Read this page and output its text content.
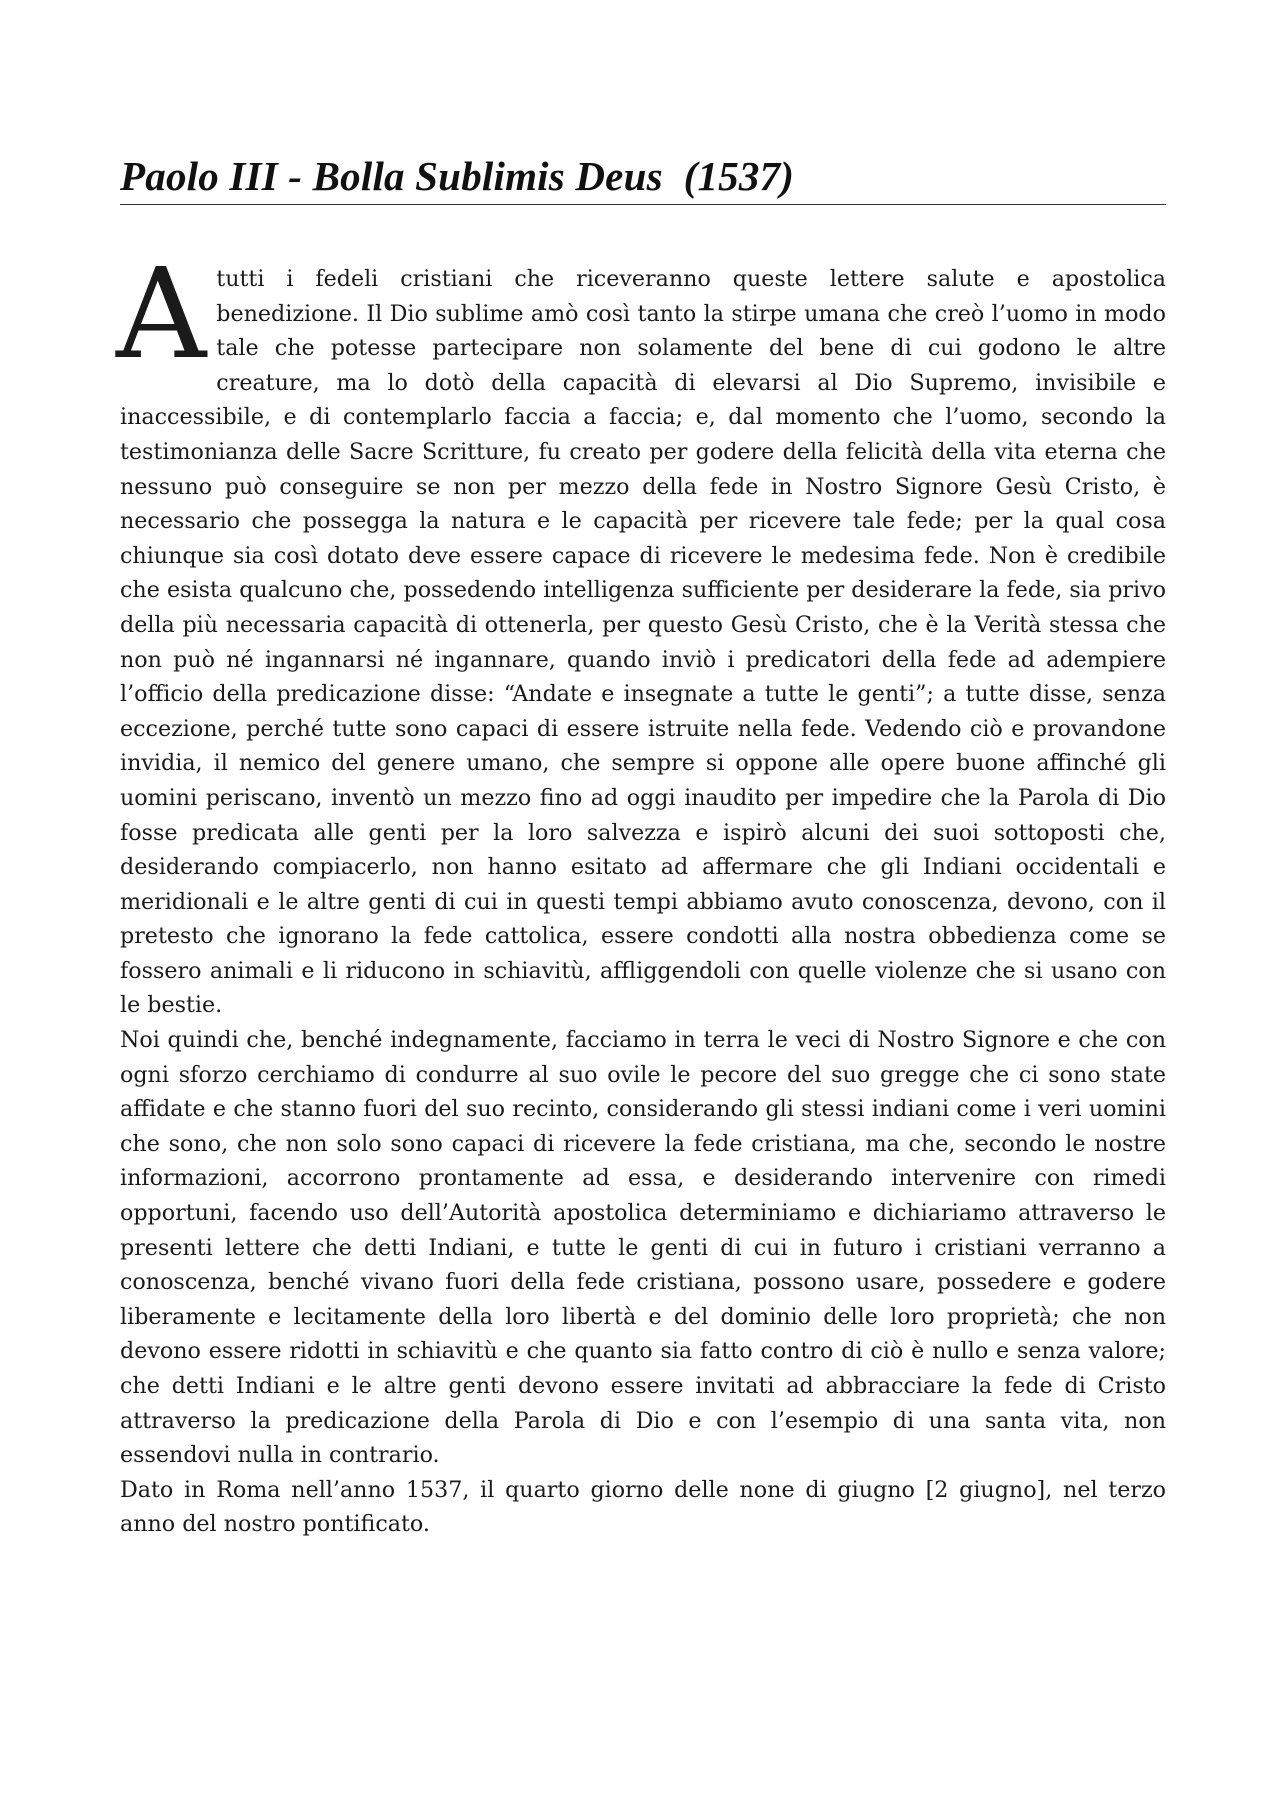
Paolo III - Bolla Sublimis Deus  (1537)

Atutti i fedeli cristiani che riceveranno queste lettere salute e apostolica benedizione. Il Dio sublime amò così tanto la stirpe umana che creò l’uomo in modo tale che potesse partecipare non solamente del bene di cui godono le altre creature, ma lo dotò della capacità di elevarsi al Dio Supremo, invisibile e inaccessibile, e di contemplarlo faccia a faccia; e, dal momento che l’uomo, secondo la testimonianza delle Sacre Scritture, fu creato per godere della felicità della vita eterna che nessuno può conseguire se non per mezzo della fede in Nostro Signore Gesù Cristo, è necessario che possegga la natura e le capacità per ricevere tale fede; per la qual cosa chiunque sia così dotato deve essere capace di ricevere le medesima fede. Non è credibile che esista qualcuno che, possedendo intelligenza sufficiente per desiderare la fede, sia privo della più necessaria capacità di ottenerla, per questo Gesù Cristo, che è la Verità stessa che non può né ingannarsi né ingannare, quando inviò i predicatori della fede ad adempiere l’officio della predicazione disse: “Andate e insegnate a tutte le genti”; a tutte disse, senza eccezione, perché tutte sono capaci di essere istruite nella fede. Vedendo ciò e provandone invidia, il nemico del genere umano, che sempre si oppone alle opere buone affinché gli uomini periscano, inventò un mezzo fino ad oggi inaudito per impedire che la Parola di Dio fosse predicata alle genti per la loro salvezza e ispirò alcuni dei suoi sottoposti che, desiderando compiacerlo, non hanno esitato ad affermare che gli Indiani occidentali e meridionali e le altre genti di cui in questi tempi abbiamo avuto conoscenza, devono, con il pretesto che ignorano la fede cattolica, essere condotti alla nostra obbedienza come se fossero animali e li riducono in schiavitù, affliggendoli con quelle violenze che si usano con le bestie.

Noi quindi che, benché indegnamente, facciamo in terra le veci di Nostro Signore e che con ogni sforzo cerchiamo di condurre al suo ovile le pecore del suo gregge che ci sono state affidate e che stanno fuori del suo recinto, considerando gli stessi indiani come i veri uomini che sono, che non solo sono capaci di ricevere la fede cristiana, ma che, secondo le nostre informazioni, accorrono prontamente ad essa, e desiderando intervenire con rimedi opportuni, facendo uso dell’Autorità apostolica determiniamo e dichiariamo attraverso le presenti lettere che detti Indiani, e tutte le genti di cui in futuro i cristiani verranno a conoscenza, benché vivano fuori della fede cristiana, possono usare, possedere e godere liberamente e lecitamente della loro libertà e del dominio delle loro proprietà; che non devono essere ridotti in schiavitù e che quanto sia fatto contro di ciò è nullo e senza valore; che detti Indiani e le altre genti devono essere invitati ad abbracciare la fede di Cristo attraverso la predicazione della Parola di Dio e con l’esempio di una santa vita, non essendovi nulla in contrario.

Dato in Roma nell’anno 1537, il quarto giorno delle none di giugno [2 giugno], nel terzo anno del nostro pontificato.
